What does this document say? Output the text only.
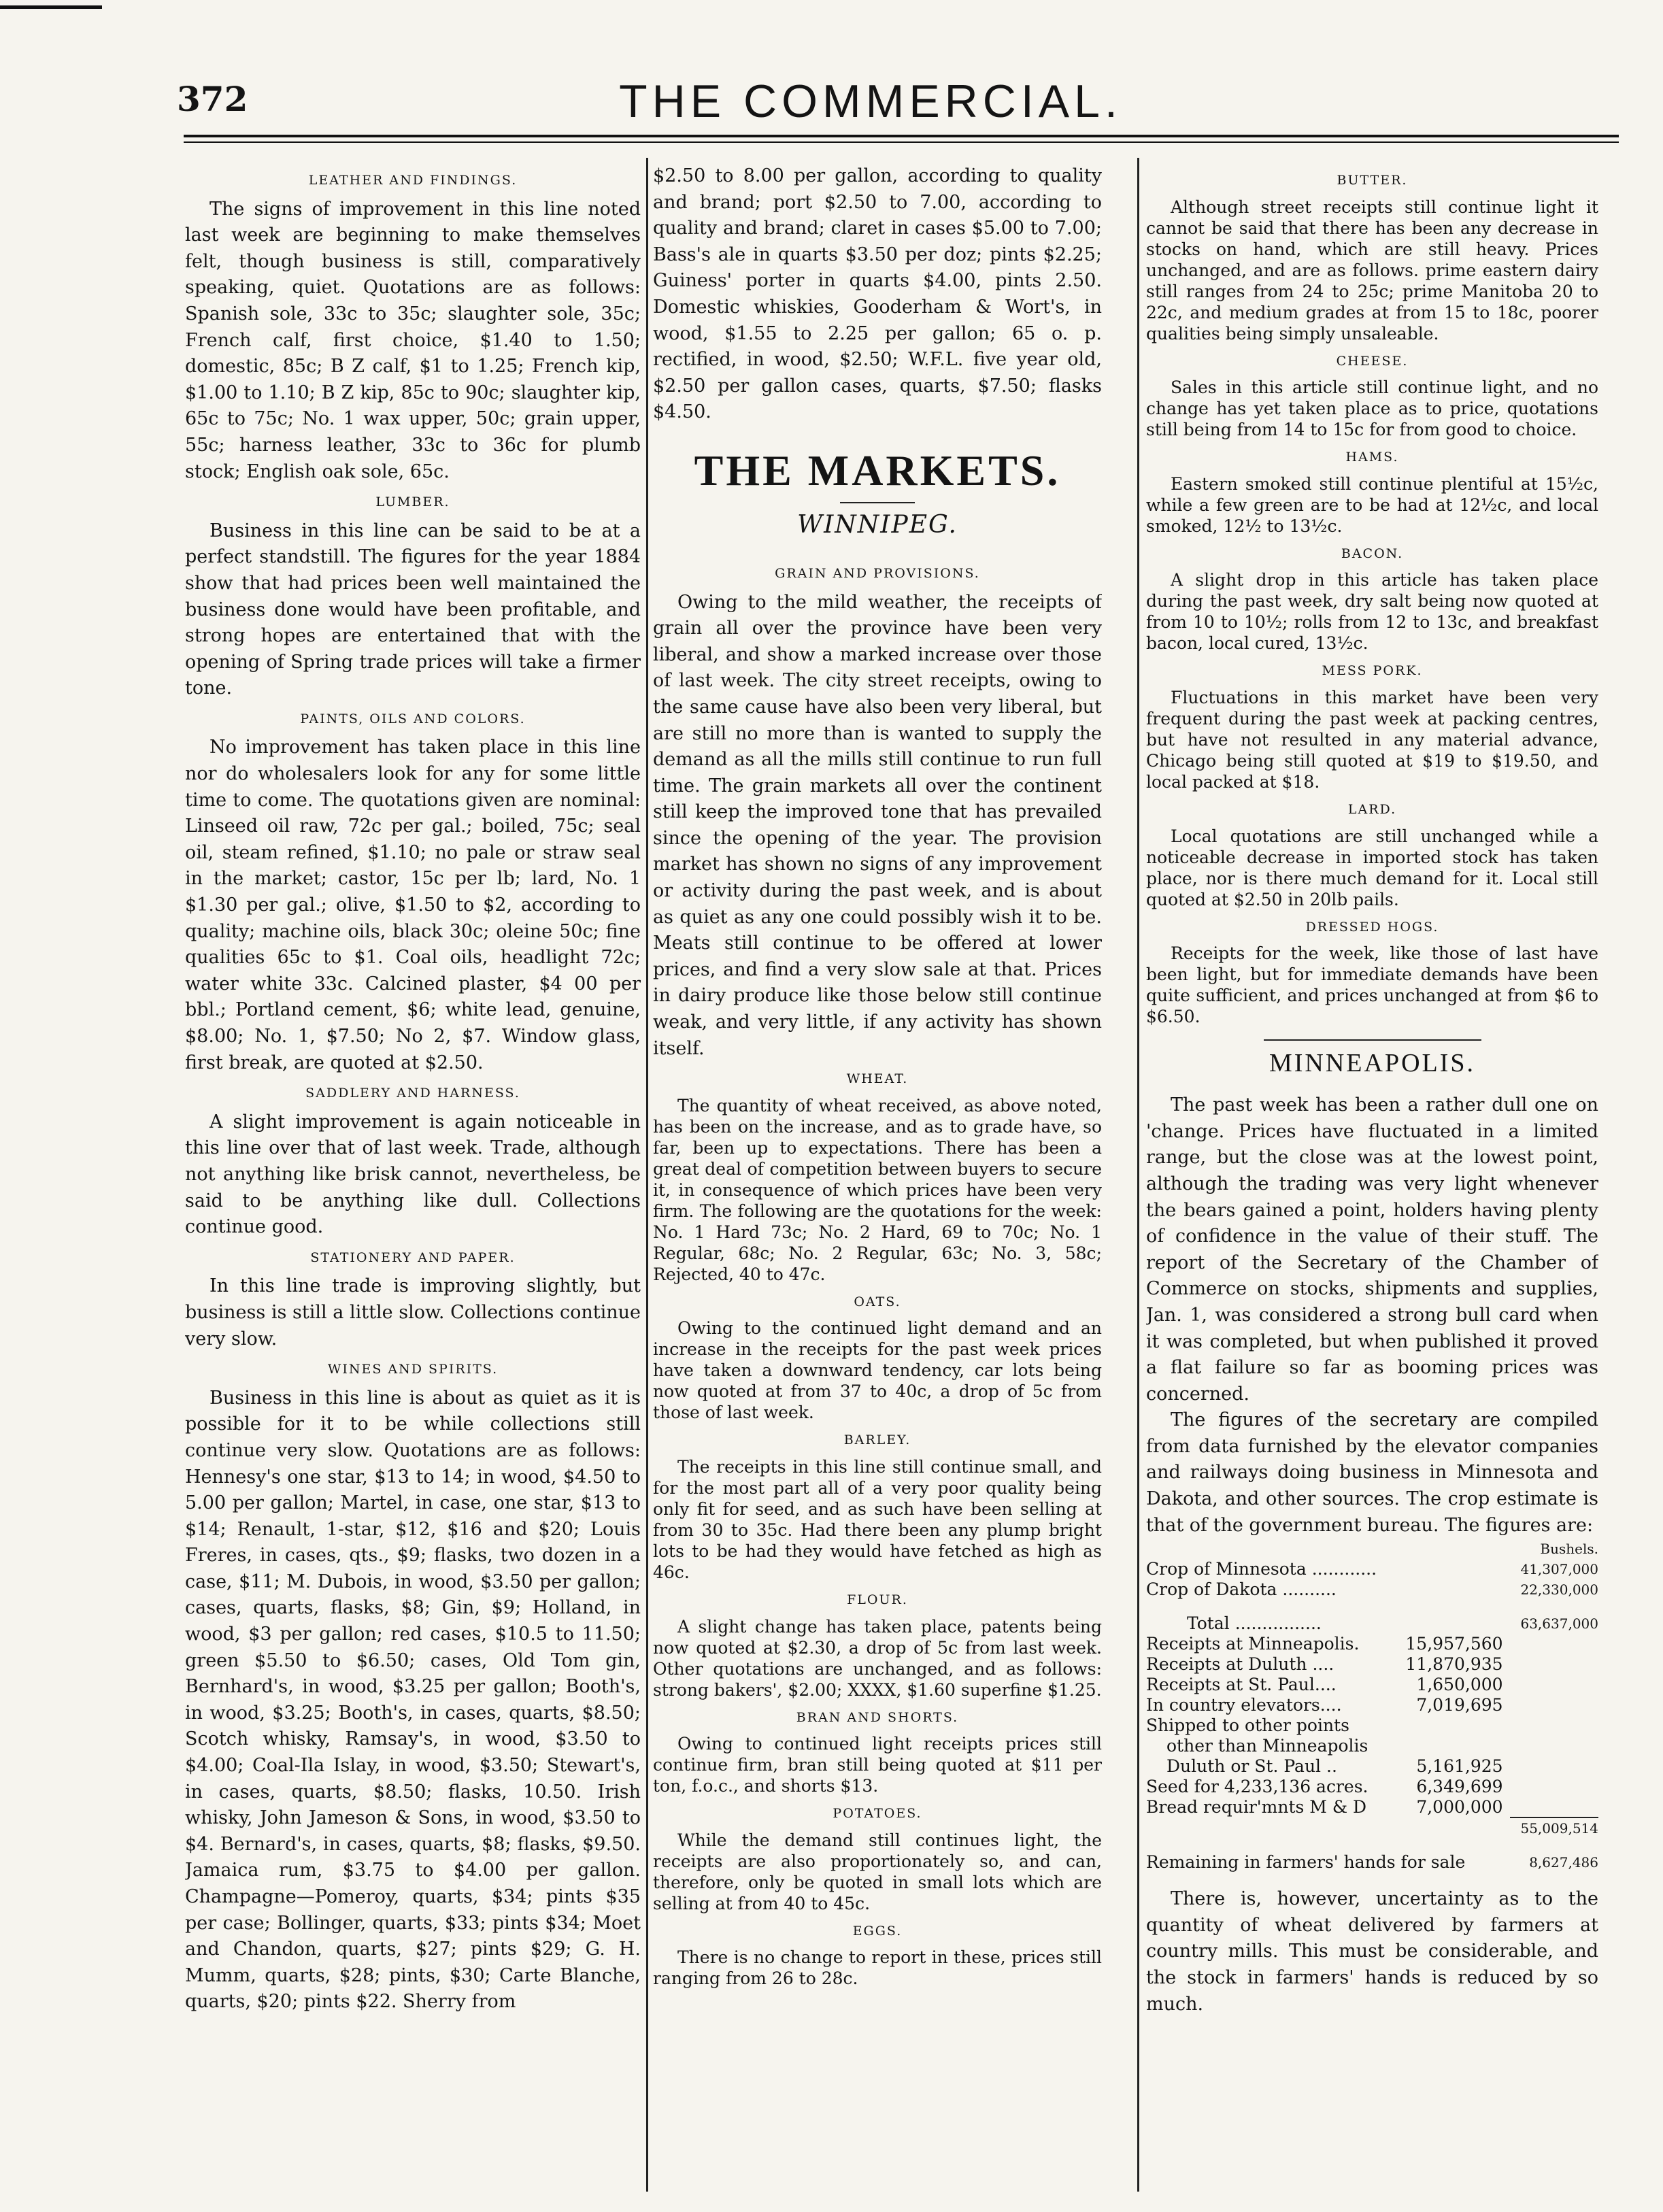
372	THE COMMERCIAL.
LEATHER AND FINDINGS.

The signs of improvement in this line noted last week are beginning to make themselves felt, though business is still, comparatively speaking, quiet. Quotations are as follows: Spanish sole, 33c to 35c; slaughter sole, 35c; French calf, first choice, $1.40 to 1.50; domestic, 85c; B Z calf, $1 to 1.25; French kip, $1.00 to 1.10; B Z kip, 85c to 90c; slaughter kip, 65c to 75c; No. 1 wax upper, 50c; grain upper, 55c; harness leather, 33c to 36c for plumb stock; English oak sole, 65c.

LUMBER.

Business in this line can be said to be at a perfect standstill. The figures for the year 1884 show that had prices been well maintained the business done would have been profitable, and strong hopes are entertained that with the opening of Spring trade prices will take a firmer tone.

PAINTS, OILS AND COLORS.

No improvement has taken place in this line nor do wholesalers look for any for some little time to come. The quotations given are nominal: Linseed oil raw, 72c per gal.; boiled, 75c; seal oil, steam refined, $1.10; no pale or straw seal in the market; castor, 15c per lb; lard, No. 1 $1.30 per gal.; olive, $1.50 to $2, according to quality; machine oils, black 30c; oleine 50c; fine qualities 65c to $1. Coal oils, headlight 72c; water white 33c. Calcined plaster, $4 00 per bbl.; Portland cement, $6; white lead, genuine, $8.00; No. 1, $7.50; No 2, $7. Window glass, first break, are quoted at $2.50.

SADDLERY AND HARNESS.

A slight improvement is again noticeable in this line over that of last week. Trade, although not anything like brisk cannot, nevertheless, be said to be anything like dull. Collections continue good.

STATIONERY AND PAPER.

In this line trade is improving slightly, but business is still a little slow. Collections continue very slow.

WINES AND SPIRITS.

Business in this line is about as quiet as it is possible for it to be while collections still continue very slow. Quotations are as follows: Hennesy's one star, $13 to 14; in wood, $4.50 to 5.00 per gallon; Martel, in case, one star, $13 to $14; Renault, 1-star, $12, $16 and $20; Louis Freres, in cases, qts., $9; flasks, two dozen in a case, $11; M. Dubois, in wood, $3.50 per gallon; cases, quarts, flasks, $8; Gin, $9; Holland, in wood, $3 per gallon; red cases, $10.5 to 11.50; green $5.50 to $6.50; cases, Old Tom gin, Bernhard's, in wood, $3.25 per gallon; Booth's, in wood, $3.25; Booth's, in cases, quarts, $8.50; Scotch whisky, Ramsay's, in wood, $3.50 to $4.00; Coal-Ila Islay, in wood, $3.50; Stewart's, in cases, quarts, $8.50; flasks, 10.50. Irish whisky, John Jameson & Sons, in wood, $3.50 to $4. Bernard's, in cases, quarts, $8; flasks, $9.50. Jamaica rum, $3.75 to $4.00 per gallon. Champagne—Pomeroy, quarts, $34; pints $35 per case; Bollinger, quarts, $33; pints $34; Moet and Chandon, quarts, $27; pints $29; G. H. Mumm, quarts, $28; pints, $30; Carte Blanche, quarts, $20; pints $22. Sherry from

$2.50 to 8.00 per gallon, according to quality and brand; port $2.50 to 7.00, according to quality and brand; claret in cases $5.00 to 7.00; Bass's ale in quarts $3.50 per doz; pints $2.25; Guiness' porter in quarts $4.00, pints 2.50. Domestic whiskies, Gooderham & Wort's, in wood, $1.55 to 2.25 per gallon; 65 o. p. rectified, in wood, $2.50; W.F.L. five year old, $2.50 per gallon cases, quarts, $7.50; flasks $4.50.

THE MARKETS.
WINNIPEG.
GRAIN AND PROVISIONS.

Owing to the mild weather, the receipts of grain all over the province have been very liberal, and show a marked increase over those of last week. The city street receipts, owing to the same cause have also been very liberal, but are still no more than is wanted to supply the demand as all the mills still continue to run full time. The grain markets all over the continent still keep the improved tone that has prevailed since the opening of the year. The provision market has shown no signs of any improvement or activity during the past week, and is about as quiet as any one could possibly wish it to be. Meats still continue to be offered at lower prices, and find a very slow sale at that. Prices in dairy produce like those below still continue weak, and very little, if any activity has shown itself.

WHEAT.

The quantity of wheat received, as above noted, has been on the increase, and as to grade have, so far, been up to expectations. There has been a great deal of competition between buyers to secure it, in consequence of which prices have been very firm. The following are the quotations for the week: No. 1 Hard 73c; No. 2 Hard, 69 to 70c; No. 1 Regular, 68c; No. 2 Regular, 63c; No. 3, 58c; Rejected, 40 to 47c.

OATS.

Owing to the continued light demand and an increase in the receipts for the past week prices have taken a downward tendency, car lots being now quoted at from 37 to 40c, a drop of 5c from those of last week.

BARLEY.

The receipts in this line still continue small, and for the most part all of a very poor quality being only fit for seed, and as such have been selling at from 30 to 35c. Had there been any plump bright lots to be had they would have fetched as high as 46c.

FLOUR.

A slight change has taken place, patents being now quoted at $2.30, a drop of 5c from last week. Other quotations are unchanged, and as follows: strong bakers', $2.00; XXXX, $1.60 superfine $1.25.

BRAN AND SHORTS.

Owing to continued light receipts prices still continue firm, bran still being quoted at $11 per ton, f.o.c., and shorts $13.

POTATOES.

While the demand still continues light, the receipts are also proportionately so, and can, therefore, only be quoted in small lots which are selling at from 40 to 45c.

EGGS.

There is no change to report in these, prices still ranging from 26 to 28c.

BUTTER.

Although street receipts still continue light it cannot be said that there has been any decrease in stocks on hand, which are still heavy. Prices unchanged, and are as follows. prime eastern dairy still ranges from 24 to 25c; prime Manitoba 20 to 22c, and medium grades at from 15 to 18c, poorer qualities being simply unsaleable.

CHEESE.

Sales in this article still continue light, and no change has yet taken place as to price, quotations still being from 14 to 15c for from good to choice.

HAMS.

Eastern smoked still continue plentiful at 15½c, while a few green are to be had at 12½c, and local smoked, 12½ to 13½c.

BACON.

A slight drop in this article has taken place during the past week, dry salt being now quoted at from 10 to 10½; rolls from 12 to 13c, and breakfast bacon, local cured, 13½c.

MESS PORK.

Fluctuations in this market have been very frequent during the past week at packing centres, but have not resulted in any material advance, Chicago being still quoted at $19 to $19.50, and local packed at $18.

LARD.

Local quotations are still unchanged while a noticeable decrease in imported stock has taken place, nor is there much demand for it. Local still quoted at $2.50 in 20lb pails.

DRESSED HOGS.

Receipts for the week, like those of last have been light, but for immediate demands have been quite sufficient, and prices unchanged at from $6 to $6.50.

MINNEAPOLIS.

The past week has been a rather dull one on 'change. Prices have fluctuated in a limited range, but the close was at the lowest point, although the trading was very light whenever the bears gained a point, holders having plenty of confidence in the value of their stuff. The report of the Secretary of the Chamber of Commerce on stocks, shipments and supplies, Jan. 1, was considered a strong bull card when it was completed, but when published it proved a flat failure so far as booming prices was concerned.

The figures of the secretary are compiled from data furnished by the elevator companies and railways doing business in Minnesota and Dakota, and other sources. The crop estimate is that of the government bureau. The figures are:

	Bushels.
Crop of Minnesota ............	41,307,000
Crop of Dakota ..........	22,330,000
Total ................	63,637,000
Receipts at Minneapolis. 15,957,560	

Receipts at Duluth .... 11,870,935	

Receipts at St. Paul.... 1,650,000	

In country elevators.... 7,019,695	

Shipped to other points	
other than Minneapolis	
Duluth or St. Paul .. 5,161,925	

Seed for 4,233,136 acres. 6,349,699	

Bread requir'mnts M & D 7,000,000	

	55,009,514
Remaining in farmers' hands for sale	8,627,486

There is, however, uncertainty as to the quantity of wheat delivered by farmers at country mills. This must be considerable, and the stock in farmers' hands is reduced by so much.
